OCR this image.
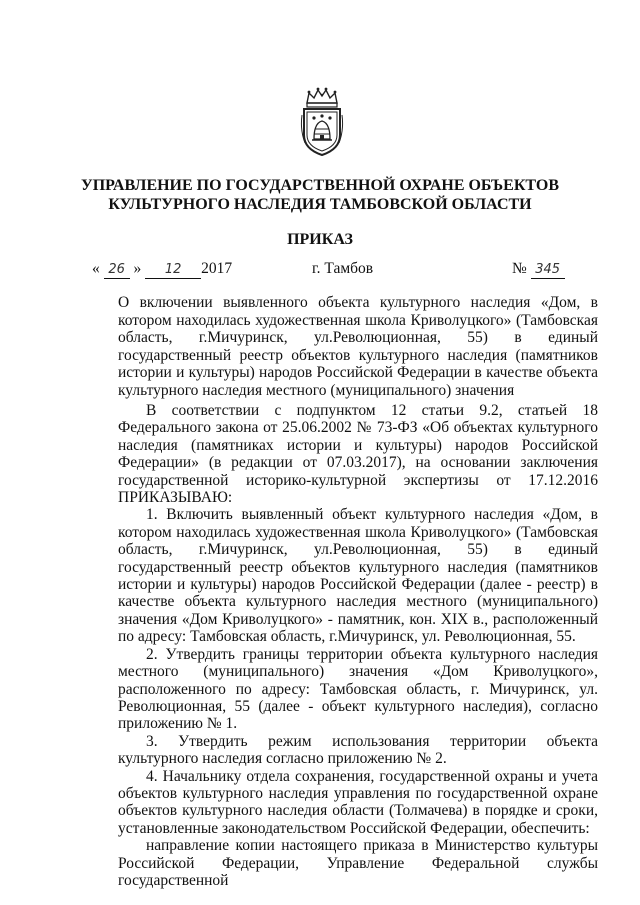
УПРАВЛЕНИЕ ПО ГОСУДАРСТВЕННОЙ ОХРАНЕ ОБЪЕКТОВ
КУЛЬТУРНОГО НАСЛЕДИЯ ТАМБОВСКОЙ ОБЛАСТИ
ПРИКАЗ
« 26 » 12 2017	г. Тамбов	№ 345
О включении выявленного объекта культурного наследия «Дом, в котором находилась художественная школа Криволуцкого» (Тамбовская область, г.Мичуринск, ул.Революционная, 55) в единый государственный реестр объектов культурного наследия (памятников истории и культуры) народов Российской Федерации в качестве объекта культурного наследия местного (муниципального) значения

В соответствии с подпунктом 12 статьи 9.2, статьей 18 Федерального закона от 25.06.2002 № 73-ФЗ «Об объектах культурного наследия (памятниках истории и культуры) народов Российской Федерации» (в редакции от 07.03.2017), на основании заключения государственной историко-культурной экспертизы от 17.12.2016 ПРИКАЗЫВАЮ:

1. Включить выявленный объект культурного наследия «Дом, в котором находилась художественная школа Криволуцкого» (Тамбовская область, г.Мичуринск, ул.Революционная, 55) в единый государственный реестр объектов культурного наследия (памятников истории и культуры) народов Российской Федерации (далее - реестр) в качестве объекта культурного наследия местного (муниципального) значения «Дом Криволуцкого» - памятник, кон. XIX в., расположенный по адресу: Тамбовская область, г.Мичуринск, ул. Революционная, 55.

2. Утвердить границы территории объекта культурного наследия местного (муниципального) значения «Дом Криволуцкого», расположенного по адресу: Тамбовская область, г. Мичуринск, ул. Революционная, 55 (далее - объект культурного наследия), согласно приложению № 1.

3. Утвердить режим использования территории объекта культурного наследия согласно приложению № 2.

4. Начальнику отдела сохранения, государственной охраны и учета объектов культурного наследия управления по государственной охране объектов культурного наследия области (Толмачева) в порядке и сроки, установленные законодательством Российской Федерации, обеспечить:

направление копии настоящего приказа в Министерство культуры Российской Федерации, Управление Федеральной службы государственной
